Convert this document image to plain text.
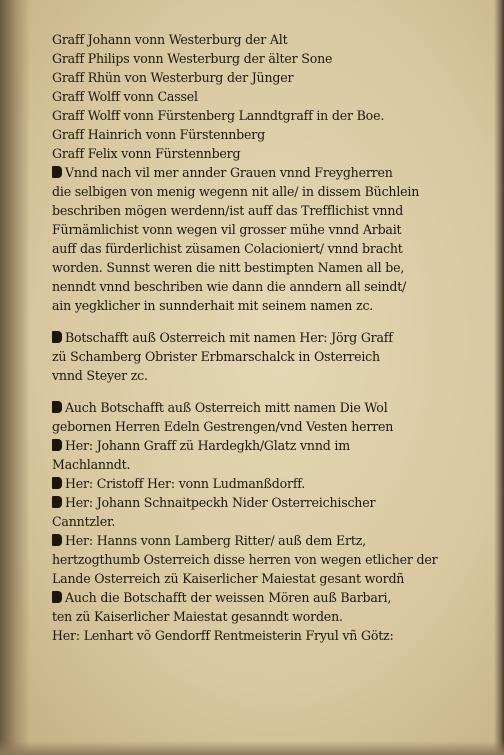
Graff Johann vonn Westerburg der Alt
Graff Philips vonn Westerburg der älter Sone
Graff Rhün von Westerburg der Jünger
Graff Wolff vonn Cassel
Graff Wolff vonn Fürstenberg Lanndtgraff in der Boe.
Graff Hainrich vonn Fürstennberg
Graff Felix vonn Fürstennberg
Vnnd nach vil mer annder Grauen vnnd Freygherren
die selbigen von menig wegenn nit alle/ in dissem Büchlein
beschriben mögen werdenn/ist auff das Trefflichist vnnd
Fürnämlichist vonn wegen vil grosser mühe vnnd Arbait
auff das fürderlichist züsamen Colacioniert/ vnnd bracht
worden. Sunnst weren die nitt bestimpten Namen all be,
nenndt vnnd beschriben wie dann die anndern all seindt/
ain yegklicher in sunnderhait mit seinem namen zc.
Botschafft auß Osterreich mit namen Her: Jörg Graff
zü Schamberg Obrister Erbmarschalck in Osterreich
vnnd Steyer zc.
Auch Botschafft auß Osterreich mitt namen Die Wol
gebornen Herren Edeln Gestrengen/vnd Vesten herren
Her: Johann Graff zü Hardegkh/Glatz vnnd im
Machlanndt.
Her: Cristoff Her: vonn Ludmanßdorff.
Her: Johann Schnaitpeckh Nider Osterreichischer
Canntzler.
Her: Hanns vonn Lamberg Ritter/ auß dem Ertz,
hertzogthumb Osterreich disse herren von wegen etlicher der
Lande Osterreich zü Kaiserlicher Maiestat gesant wordñ
Auch die Botschafft der weissen Mören auß Barbari,
ten zü Kaiserlicher Maiestat gesanndt worden.
Her: Lenhart võ Gendorff Rentmeisterin Fryul vñ Götz:
